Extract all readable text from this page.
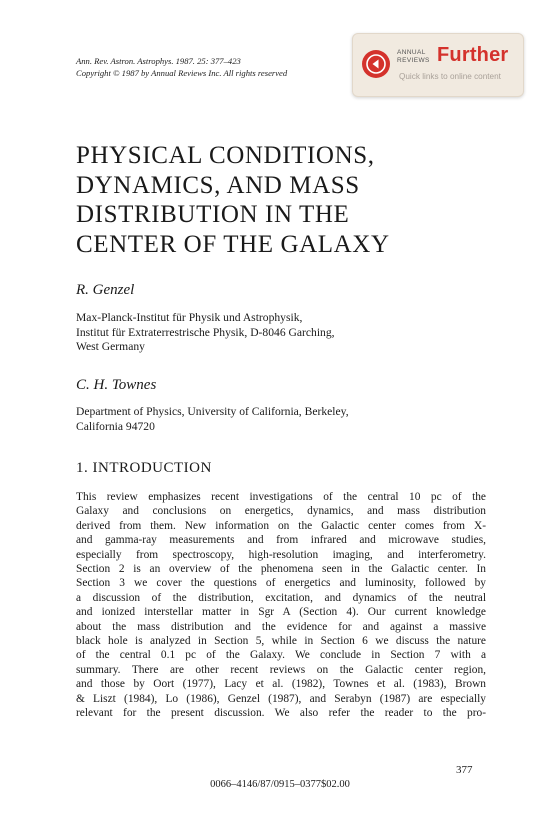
Ann. Rev. Astron. Astrophys. 1987. 25: 377–423
Copyright © 1987 by Annual Reviews Inc. All rights reserved
ANNUAL
REVIEWS Further
Quick links to online content
PHYSICAL CONDITIONS,
DYNAMICS, AND MASS
DISTRIBUTION IN THE
CENTER OF THE GALAXY
R. Genzel
Max-Planck-Institut für Physik und Astrophysik,
Institut für Extraterrestrische Physik, D-8046 Garching,
West Germany
C. H. Townes
Department of Physics, University of California, Berkeley,
California 94720
1. INTRODUCTION
This review emphasizes recent investigations of the central 10 pc of the
Galaxy and conclusions on energetics, dynamics, and mass distribution
derived from them. New information on the Galactic center comes from X-
and gamma-ray measurements and from infrared and microwave studies,
especially from spectroscopy, high-resolution imaging, and interferometry.
Section 2 is an overview of the phenomena seen in the Galactic center. In
Section 3 we cover the questions of energetics and luminosity, followed by
a discussion of the distribution, excitation, and dynamics of the neutral
and ionized interstellar matter in Sgr A (Section 4). Our current knowledge
about the mass distribution and the evidence for and against a massive
black hole is analyzed in Section 5, while in Section 6 we discuss the nature
of the central 0.1 pc of the Galaxy. We conclude in Section 7 with a
summary. There are other recent reviews on the Galactic center region,
and those by Oort (1977), Lacy et al. (1982), Townes et al. (1983), Brown
& Liszt (1984), Lo (1986), Genzel (1987), and Serabyn (1987) are especially
relevant for the present discussion. We also refer the reader to the pro-
377
0066–4146/87/0915–0377$02.00
